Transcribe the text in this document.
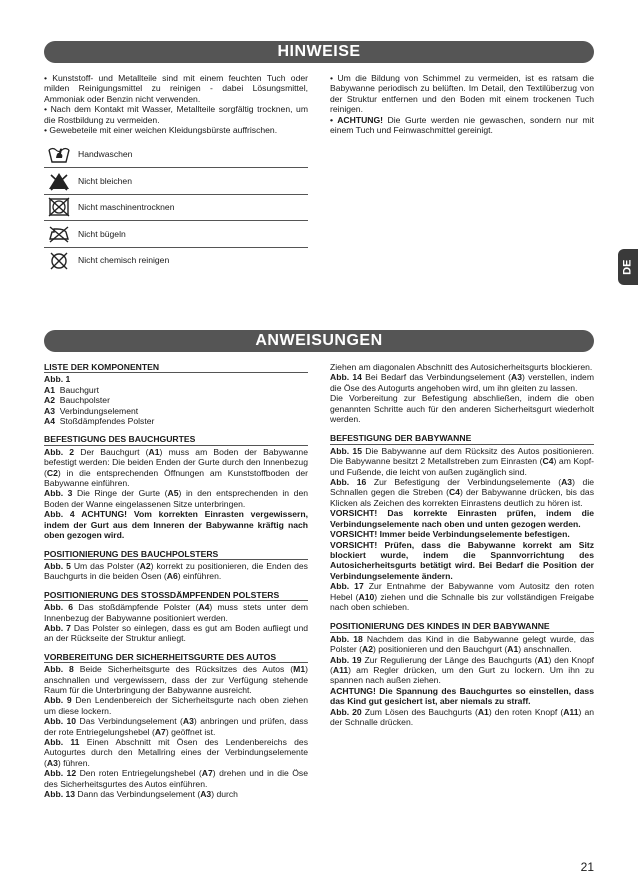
HINWEISE

• Kunststoff- und Metallteile sind mit einem feuchten Tuch oder milden Reinigungsmittel zu reinigen - dabei Lösungsmittel, Ammoniak oder Benzin nicht verwenden.

• Nach dem Kontakt mit Wasser, Metallteile sorgfältig trocknen, um die Rostbildung zu vermeiden.

• Gewebeteile mit einer weichen Kleidungsbürste auffrischen.

Handwaschen
Nicht bleichen
Nicht maschinentrocknen
Nicht bügeln
Nicht chemisch reinigen

• Um die Bildung von Schimmel zu vermeiden, ist es ratsam die Babywanne periodisch zu belüften. Im Detail, den Textilüberzug von der Struktur entfernen und den Boden mit einem trockenen Tuch reinigen.

• ACHTUNG! Die Gurte werden nie gewaschen, sondern nur mit einem Tuch und Feinwaschmittel gereinigt.

DE
ANWEISUNGEN
LISTE DER KOMPONENTEN
Abb. 1
A1 Bauchgurt
A2 Bauchpolster
A3 Verbindungselement
A4 Stoßdämpfendes Polster
BEFESTIGUNG DES BAUCHGURTES

Abb. 2 Der Bauchgurt (A1) muss am Boden der Babywanne befestigt werden: Die beiden Enden der Gurte durch den Innenbezug (C2) in die entsprechenden Öffnungen am Kunststoffboden der Babywanne einführen.

Abb. 3 Die Ringe der Gurte (A5) in den entsprechenden in den Boden der Wanne eingelassenen Sitze unterbringen.

Abb. 4 ACHTUNG! Vom korrekten Einrasten vergewissern, indem der Gurt aus dem Inneren der Babywanne kräftig nach oben gezogen wird.

POSITIONIERUNG DES BAUCHPOLSTERS

Abb. 5 Um das Polster (A2) korrekt zu positionieren, die Enden des Bauchgurts in die beiden Ösen (A6) einführen.

POSITIONIERUNG DES STOSSDÄMPFENDEN POLSTERS

Abb. 6 Das stoßdämpfende Polster (A4) muss stets unter dem Innenbezug der Babywanne positioniert werden.

Abb. 7 Das Polster so einlegen, dass es gut am Boden aufliegt und an der Rückseite der Struktur anliegt.

VORBEREITUNG DER SICHERHEITSGURTE DES AUTOS

Abb. 8 Beide Sicherheitsgurte des Rücksitzes des Autos (M1) anschnallen und vergewissern, dass der zur Verfügung stehende Raum für die Unterbringung der Babywanne ausreicht.

Abb. 9 Den Lendenbereich der Sicherheitsgurte nach oben ziehen um diese lockern.

Abb. 10 Das Verbindungselement (A3) anbringen und prüfen, dass der rote Entriegelungshebel (A7) geöffnet ist.

Abb. 11 Einen Abschnitt mit Ösen des Lendenbereichs des Autogurtes durch den Metallring eines der Verbindungselemente (A3) führen.

Abb. 12 Den roten Entriegelungshebel (A7) drehen und in die Öse des Sicherheitsgurtes des Autos einführen.

Abb. 13 Dann das Verbindungselement (A3) durch

Ziehen am diagonalen Abschnitt des Autosicherheitsgurts blockieren.

Abb. 14 Bei Bedarf das Verbindungselement (A3) verstellen, indem die Öse des Autogurts angehoben wird, um ihn gleiten zu lassen.

Die Vorbereitung zur Befestigung abschließen, indem die oben genannten Schritte auch für den anderen Sicherheitsgurt wiederholt werden.

BEFESTIGUNG DER BABYWANNE

Abb. 15 Die Babywanne auf dem Rücksitz des Autos positionieren. Die Babywanne besitzt 2 Metallstreben zum Einrasten (C4) am Kopf- und Fußende, die leicht von außen zugänglich sind.

Abb. 16 Zur Befestigung der Verbindungselemente (A3) die Schnallen gegen die Streben (C4) der Babywanne drücken, bis das Klicken als Zeichen des korrekten Einrastens deutlich zu hören ist.

VORSICHT! Das korrekte Einrasten prüfen, indem die Verbindungselemente nach oben und unten gezogen werden.

VORSICHT! Immer beide Verbindungselemente befestigen.

VORSICHT! Prüfen, dass die Babywanne korrekt am Sitz blockiert wurde, indem die Spannvorrichtung des Autosicherheitsgurts betätigt wird. Bei Bedarf die Position der Verbindungselemente ändern.

Abb. 17 Zur Entnahme der Babywanne vom Autositz den roten Hebel (A10) ziehen und die Schnalle bis zur vollständigen Freigabe nach oben schieben.

POSITIONIERUNG DES KINDES IN DER BABYWANNE

Abb. 18 Nachdem das Kind in die Babywanne gelegt wurde, das Polster (A2) positionieren und den Bauchgurt (A1) anschnallen.

Abb. 19 Zur Regulierung der Länge des Bauchgurts (A1) den Knopf (A11) am Regler drücken, um den Gurt zu lockern. Um ihn zu spannen nach außen ziehen.

ACHTUNG! Die Spannung des Bauchgurtes so einstellen, dass das Kind gut gesichert ist, aber niemals zu straff.

Abb. 20 Zum Lösen des Bauchgurts (A1) den roten Knopf (A11) an der Schnalle drücken.

21
